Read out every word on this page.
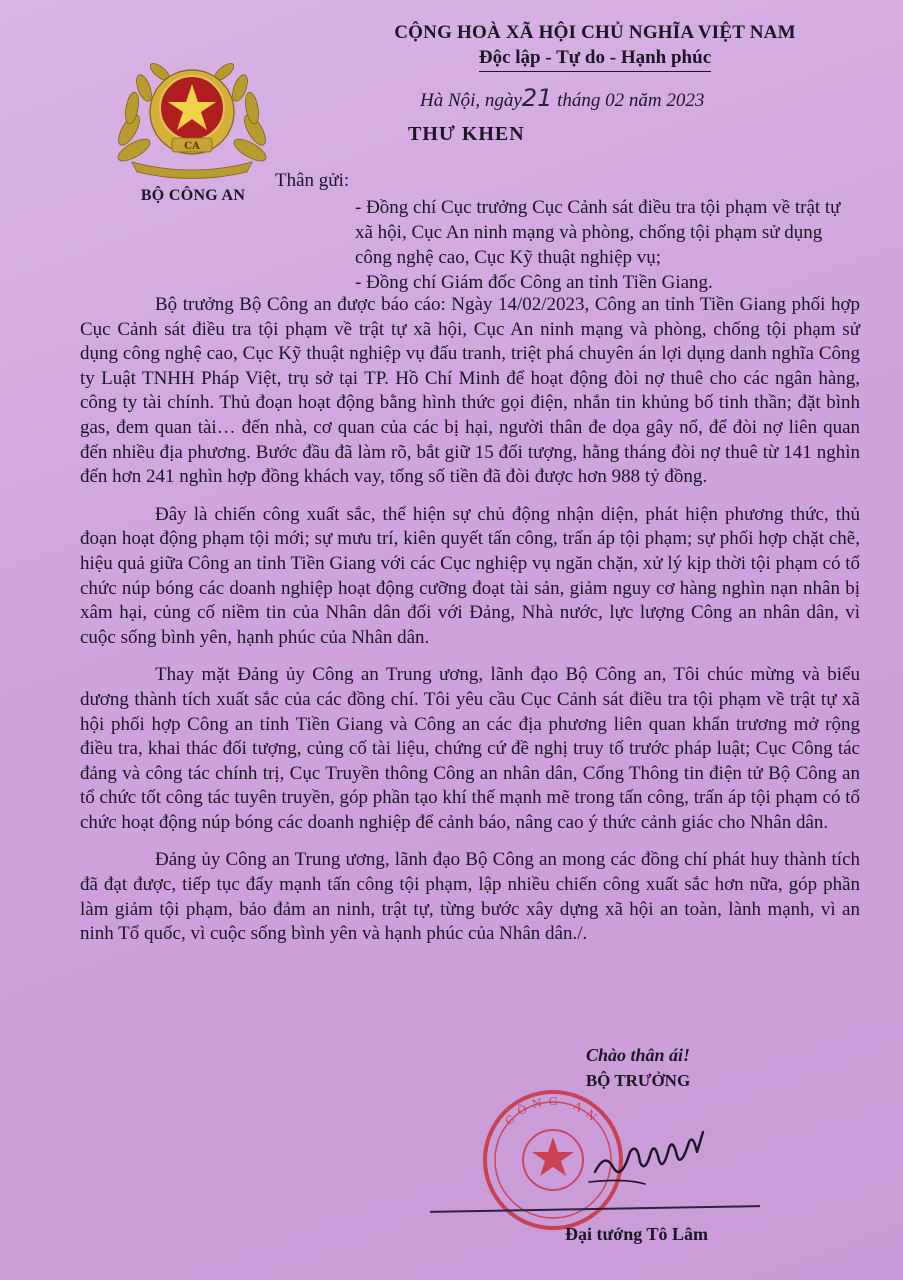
CA
BỘ CÔNG AN
CỘNG HOÀ XÃ HỘI CHỦ NGHĨA VIỆT NAM
Độc lập - Tự do - Hạnh phúc
Hà Nội, ngày21 tháng 02 năm 2023
THƯ KHEN
Thân gửi:

- Đồng chí Cục trưởng Cục Cảnh sát điều tra tội phạm về trật tự xã hội, Cục An ninh mạng và phòng, chống tội phạm sử dụng công nghệ cao, Cục Kỹ thuật nghiệp vụ;

- Đồng chí Giám đốc Công an tỉnh Tiền Giang.

Bộ trưởng Bộ Công an được báo cáo: Ngày 14/02/2023, Công an tỉnh Tiền Giang phối hợp Cục Cảnh sát điều tra tội phạm về trật tự xã hội, Cục An ninh mạng và phòng, chống tội phạm sử dụng công nghệ cao, Cục Kỹ thuật nghiệp vụ đấu tranh, triệt phá chuyên án lợi dụng danh nghĩa Công ty Luật TNHH Pháp Việt, trụ sở tại TP. Hồ Chí Minh để hoạt động đòi nợ thuê cho các ngân hàng, công ty tài chính. Thủ đoạn hoạt động bằng hình thức gọi điện, nhắn tin khủng bố tinh thần; đặt bình gas, đem quan tài… đến nhà, cơ quan của các bị hại, người thân đe dọa gây nổ, để đòi nợ liên quan đến nhiều địa phương. Bước đầu đã làm rõ, bắt giữ 15 đối tượng, hằng tháng đòi nợ thuê từ 141 nghìn đến hơn 241 nghìn hợp đồng khách vay, tổng số tiền đã đòi được hơn 988 tỷ đồng.

Đây là chiến công xuất sắc, thể hiện sự chủ động nhận diện, phát hiện phương thức, thủ đoạn hoạt động phạm tội mới; sự mưu trí, kiên quyết tấn công, trấn áp tội phạm; sự phối hợp chặt chẽ, hiệu quả giữa Công an tỉnh Tiền Giang với các Cục nghiệp vụ ngăn chặn, xử lý kịp thời tội phạm có tổ chức núp bóng các doanh nghiệp hoạt động cưỡng đoạt tài sản, giảm nguy cơ hàng nghìn nạn nhân bị xâm hại, củng cố niềm tin của Nhân dân đối với Đảng, Nhà nước, lực lượng Công an nhân dân, vì cuộc sống bình yên, hạnh phúc của Nhân dân.

Thay mặt Đảng ủy Công an Trung ương, lãnh đạo Bộ Công an, Tôi chúc mừng và biểu dương thành tích xuất sắc của các đồng chí. Tôi yêu cầu Cục Cảnh sát điều tra tội phạm về trật tự xã hội phối hợp Công an tỉnh Tiền Giang và Công an các địa phương liên quan khẩn trương mở rộng điều tra, khai thác đối tượng, củng cố tài liệu, chứng cứ đề nghị truy tố trước pháp luật; Cục Công tác đảng và công tác chính trị, Cục Truyền thông Công an nhân dân, Cổng Thông tin điện tử Bộ Công an tổ chức tốt công tác tuyên truyền, góp phần tạo khí thế mạnh mẽ trong tấn công, trấn áp tội phạm có tổ chức hoạt động núp bóng các doanh nghiệp để cảnh báo, nâng cao ý thức cảnh giác cho Nhân dân.

Đảng ủy Công an Trung ương, lãnh đạo Bộ Công an mong các đồng chí phát huy thành tích đã đạt được, tiếp tục đẩy mạnh tấn công tội phạm, lập nhiều chiến công xuất sắc hơn nữa, góp phần làm giảm tội phạm, bảo đảm an ninh, trật tự, từng bước xây dựng xã hội an toàn, lành mạnh, vì an ninh Tổ quốc, vì cuộc sống bình yên và hạnh phúc của Nhân dân./.

Chào thân ái!
BỘ TRƯỞNG
CÔNG AN
Đại tướng Tô Lâm
